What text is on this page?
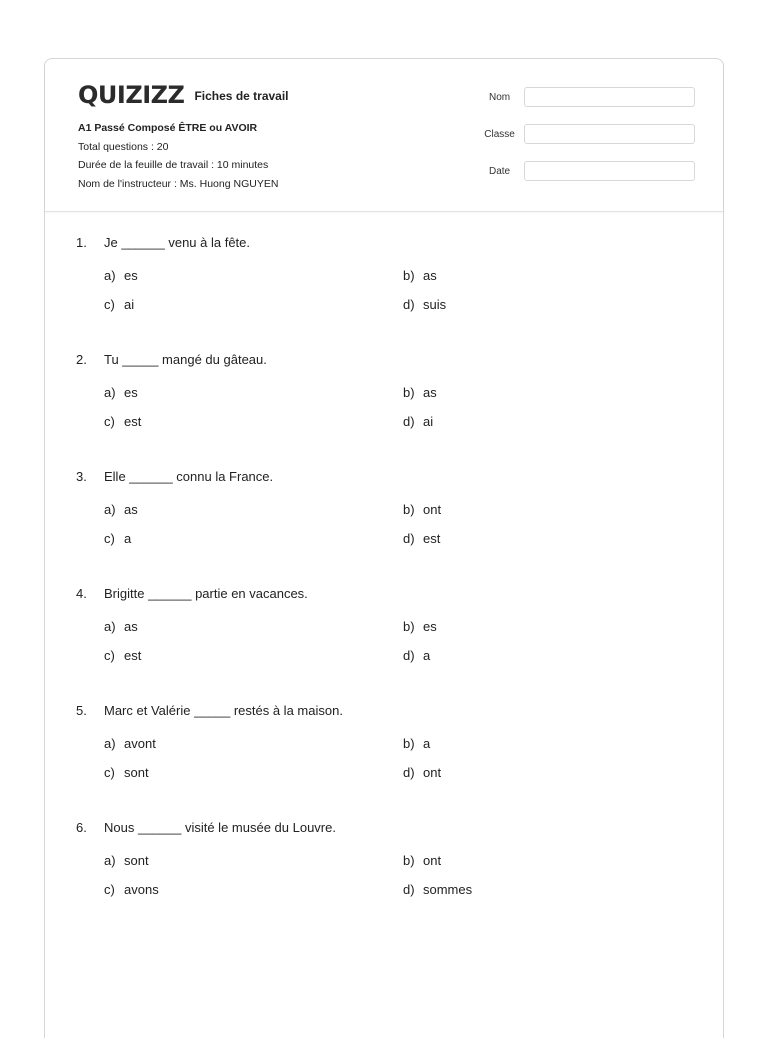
QUIZIZZ Fiches de travail
A1 Passé Composé ÊTRE ou AVOIR
Total questions : 20
Durée de la feuille de travail : 10 minutes
Nom de l'instructeur : Ms. Huong NGUYEN
Nom
Classe
Date
1.	Je ______ venu à la fête.
a) es	b) as
c) ai	d) suis
2.	Tu _____ mangé du gâteau.
a) es	b) as
c) est	d) ai
3.	Elle ______ connu la France.
a) as	b) ont
c) a	d) est
4.	Brigitte ______ partie en vacances.
a) as	b) es
c) est	d) a
5.	Marc et Valérie _____ restés à la maison.
a) avont	b) a
c) sont	d) ont
6.	Nous ______ visité le musée du Louvre.
a) sont	b) ont
c) avons	d) sommes
